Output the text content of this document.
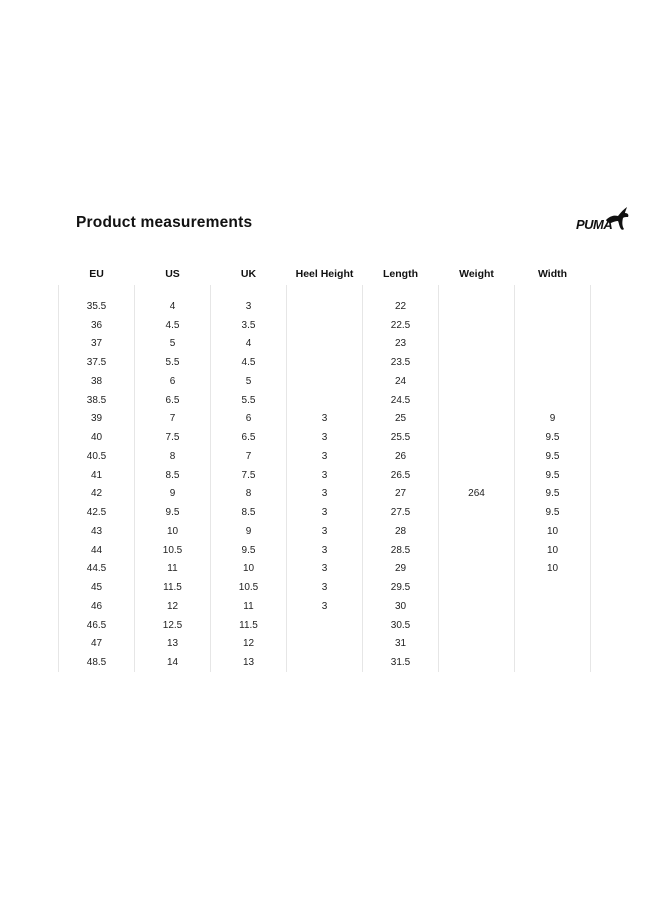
Product measurements	PUMA
EU	US	UK	Heel Height	Length	Weight	Width

35.5	4	3		22		
36	4.5	3.5		22.5		
37	5	4		23		
37.5	5.5	4.5		23.5		
38	6	5		24		
38.5	6.5	5.5		24.5		
39	7	6	3	25		9
40	7.5	6.5	3	25.5		9.5
40.5	8	7	3	26		9.5
41	8.5	7.5	3	26.5		9.5
42	9	8	3	27	264	9.5
42.5	9.5	8.5	3	27.5		9.5
43	10	9	3	28		10
44	10.5	9.5	3	28.5		10
44.5	11	10	3	29		10
45	11.5	10.5	3	29.5		
46	12	11	3	30		
46.5	12.5	11.5		30.5		
47	13	12		31		
48.5	14	13		31.5		
